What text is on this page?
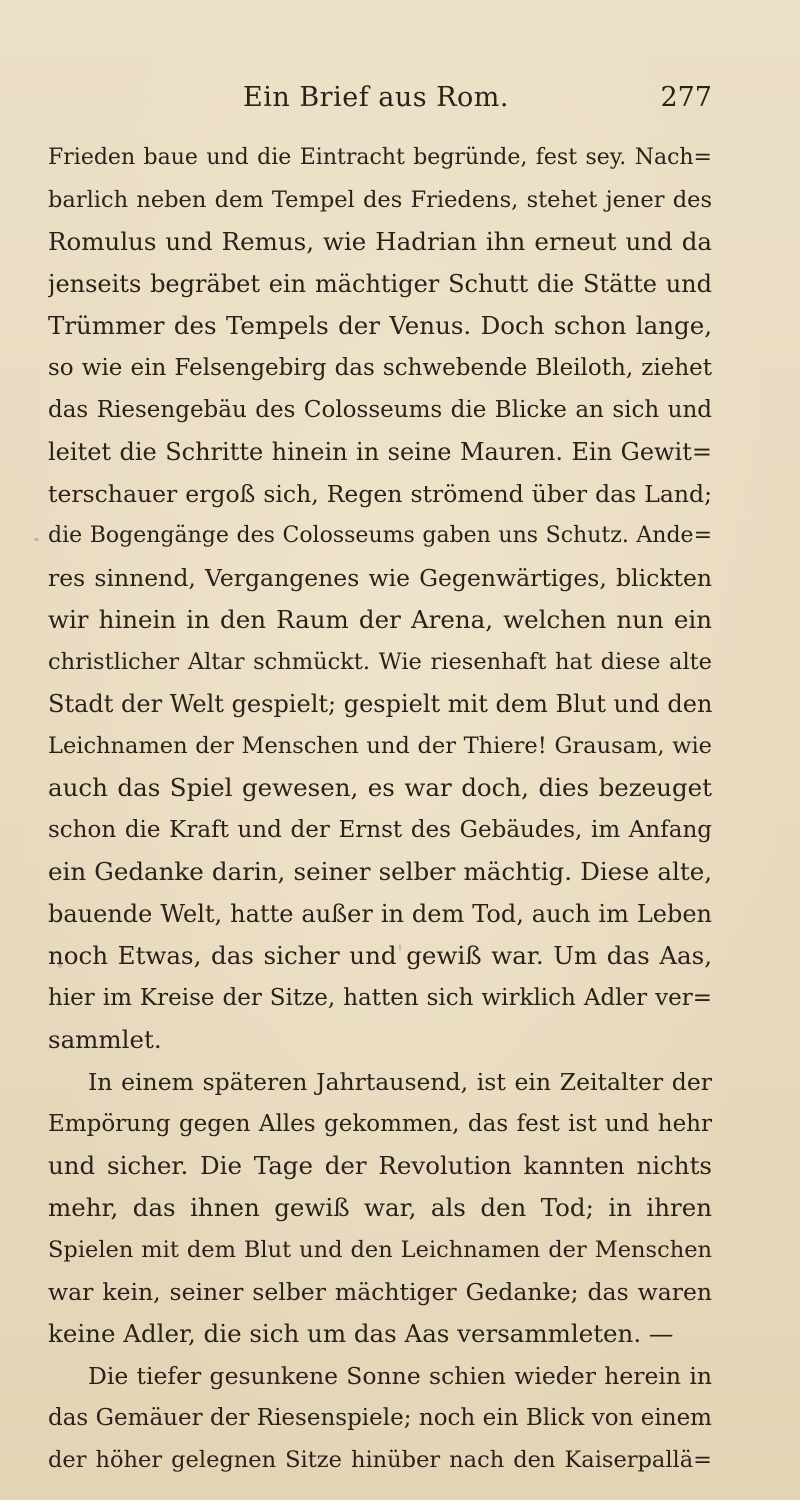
Ein Brief aus Rom.	277
Frieden baue und die Eintracht begründe, fest sey. Nach=
barlich neben dem Tempel des Friedens, stehet jener des
Romulus und Remus, wie Hadrian ihn erneut und da
jenseits begräbet ein mächtiger Schutt die Stätte und
Trümmer des Tempels der Venus. Doch schon lange,
so wie ein Felsengebirg das schwebende Bleiloth, ziehet
das Riesengebäu des Colosseums die Blicke an sich und
leitet die Schritte hinein in seine Mauren. Ein Gewit=
terschauer ergoß sich, Regen strömend über das Land;
die Bogengänge des Colosseums gaben uns Schutz. Ande=
res sinnend, Vergangenes wie Gegenwärtiges, blickten
wir hinein in den Raum der Arena, welchen nun ein
christlicher Altar schmückt. Wie riesenhaft hat diese alte
Stadt der Welt gespielt; gespielt mit dem Blut und den
Leichnamen der Menschen und der Thiere! Grausam, wie
auch das Spiel gewesen, es war doch, dies bezeuget
schon die Kraft und der Ernst des Gebäudes, im Anfang
ein Gedanke darin, seiner selber mächtig. Diese alte,
bauende Welt, hatte außer in dem Tod, auch im Leben
noch Etwas, das sicher und gewiß war. Um das Aas,
hier im Kreise der Sitze, hatten sich wirklich Adler ver=
sammlet.
In einem späteren Jahrtausend, ist ein Zeitalter der
Empörung gegen Alles gekommen, das fest ist und hehr
und sicher. Die Tage der Revolution kannten nichts
mehr, das ihnen gewiß war, als den Tod; in ihren
Spielen mit dem Blut und den Leichnamen der Menschen
war kein, seiner selber mächtiger Gedanke; das waren
keine Adler, die sich um das Aas versammleten. —
Die tiefer gesunkene Sonne schien wieder herein in
das Gemäuer der Riesenspiele; noch ein Blick von einem
der höher gelegnen Sitze hinüber nach den Kaiserpallä=
